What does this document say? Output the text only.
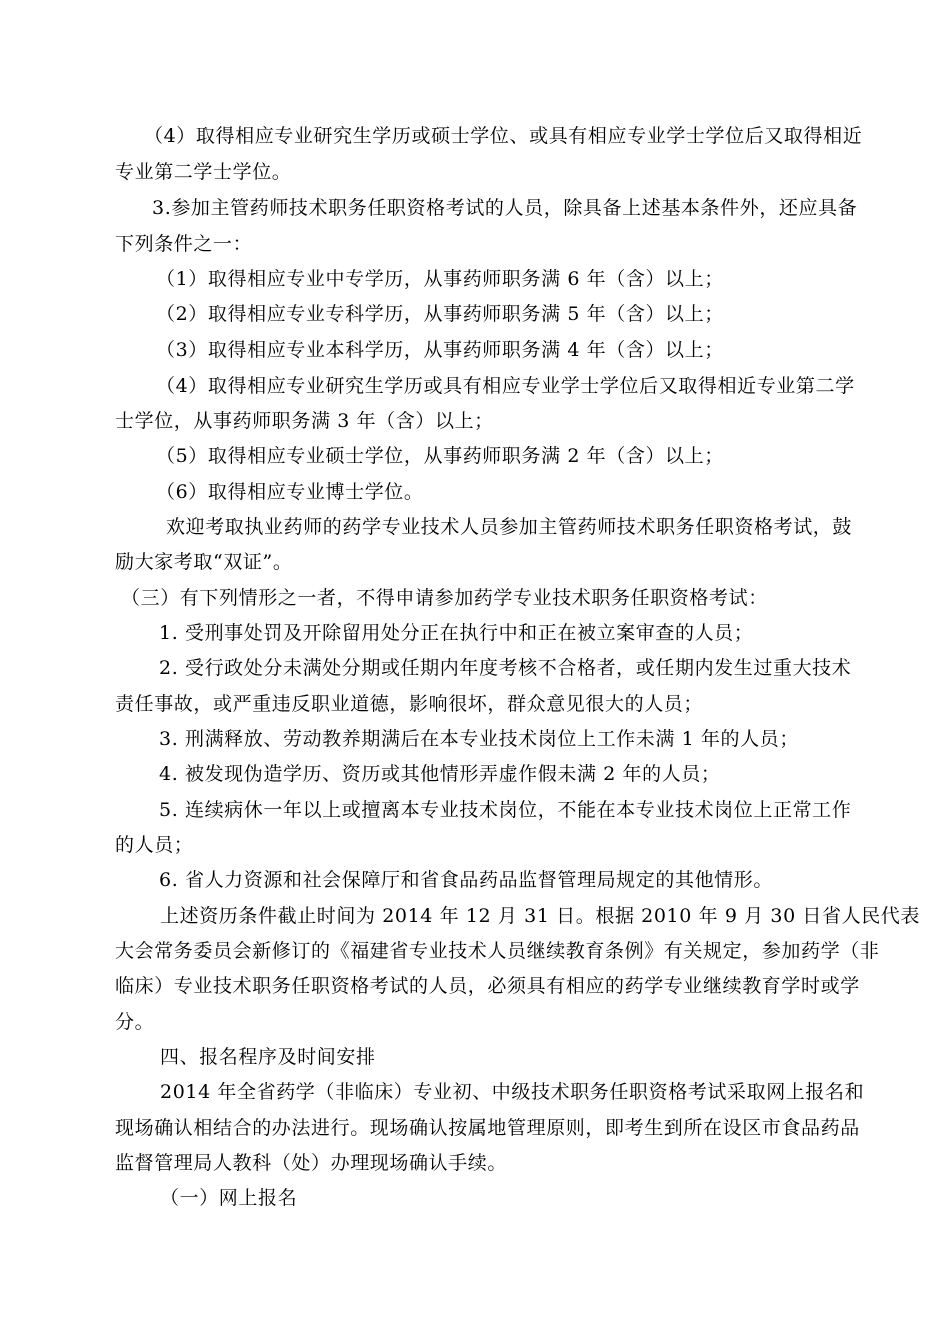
（4）取得相应专业研究生学历或硕士学位、或具有相应专业学士学位后又取得相近
专业第二学士学位。
3.参加主管药师技术职务任职资格考试的人员，除具备上述基本条件外，还应具备
下列条件之一：
（1）取得相应专业中专学历，从事药师职务满 6 年（含）以上；
（2）取得相应专业专科学历，从事药师职务满 5 年（含）以上；
（3）取得相应专业本科学历，从事药师职务满 4 年（含）以上；
（4）取得相应专业研究生学历或具有相应专业学士学位后又取得相近专业第二学
士学位，从事药师职务满 3 年（含）以上；
（5）取得相应专业硕士学位，从事药师职务满 2 年（含）以上；
（6）取得相应专业博士学位。
欢迎考取执业药师的药学专业技术人员参加主管药师技术职务任职资格考试，鼓
励大家考取“双证”。
（三）有下列情形之一者，不得申请参加药学专业技术职务任职资格考试：
1. 受刑事处罚及开除留用处分正在执行中和正在被立案审查的人员；
2. 受行政处分未满处分期或任期内年度考核不合格者，或任期内发生过重大技术
责任事故，或严重违反职业道德，影响很坏，群众意见很大的人员；
3. 刑满释放、劳动教养期满后在本专业技术岗位上工作未满 1 年的人员；
4. 被发现伪造学历、资历或其他情形弄虚作假未满 2 年的人员；
5. 连续病休一年以上或擅离本专业技术岗位，不能在本专业技术岗位上正常工作
的人员；
6. 省人力资源和社会保障厅和省食品药品监督管理局规定的其他情形。
上述资历条件截止时间为 2014 年 12 月 31 日。根据 2010 年 9 月 30 日省人民代表
大会常务委员会新修订的《福建省专业技术人员继续教育条例》有关规定，参加药学（非
临床）专业技术职务任职资格考试的人员，必须具有相应的药学专业继续教育学时或学
分。
四、报名程序及时间安排
2014 年全省药学（非临床）专业初、中级技术职务任职资格考试采取网上报名和
现场确认相结合的办法进行。现场确认按属地管理原则，即考生到所在设区市食品药品
监督管理局人教科（处）办理现场确认手续。
（一）网上报名
